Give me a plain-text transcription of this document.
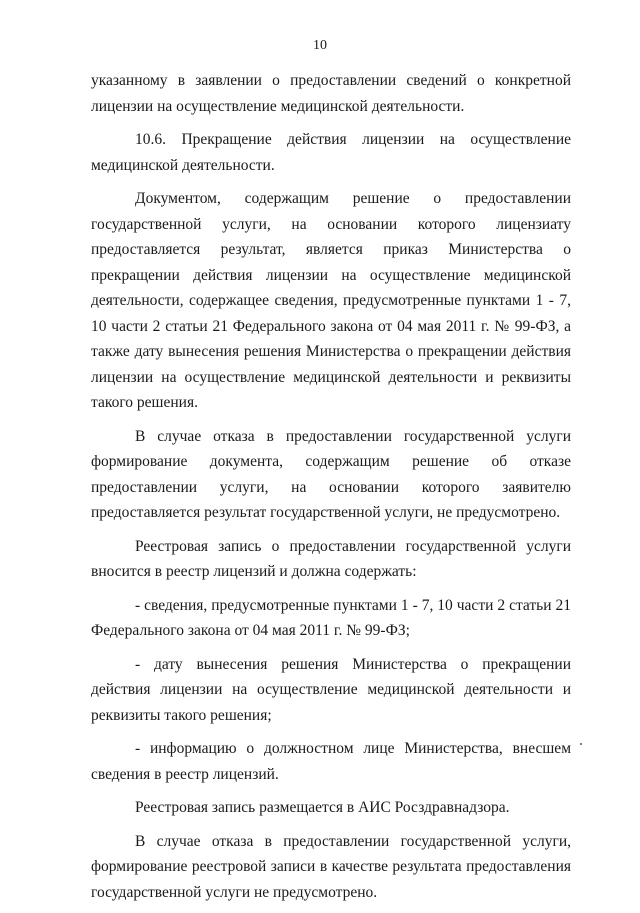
10

указанному в заявлении о предоставлении сведений о конкретной лицензии на осуществление медицинской деятельности.

10.6. Прекращение действия лицензии на осуществление медицинской деятельности.

Документом, содержащим решение о предоставлении государственной услуги, на основании которого лицензиату предоставляется результат, является приказ Министерства о прекращении действия лицензии на осуществление медицинской деятельности, содержащее сведения, предусмотренные пунктами 1 - 7, 10 части 2 статьи 21 Федерального закона от 04 мая 2011 г. № 99-ФЗ, а также дату вынесения решения Министерства о прекращении действия лицензии на осуществление медицинской деятельности и реквизиты такого решения.

В случае отказа в предоставлении государственной услуги формирование документа, содержащим решение об отказе предоставлении услуги, на основании которого заявителю предоставляется результат государственной услуги, не предусмотрено.

Реестровая запись о предоставлении государственной услуги вносится в реестр лицензий и должна содержать:

- сведения, предусмотренные пунктами 1 - 7, 10 части 2 статьи 21 Федерального закона от 04 мая 2011 г. № 99-ФЗ;

- дату вынесения решения Министерства о прекращении действия лицензии на осуществление медицинской деятельности и реквизиты такого решения;

- информацию о должностном лице Министерства, внесшем сведения в реестр лицензий.

Реестровая запись размещается в АИС Росздравнадзора.

В случае отказа в предоставлении государственной услуги, формирование реестровой записи в качестве результата предоставления государственной услуги не предусмотрено.
